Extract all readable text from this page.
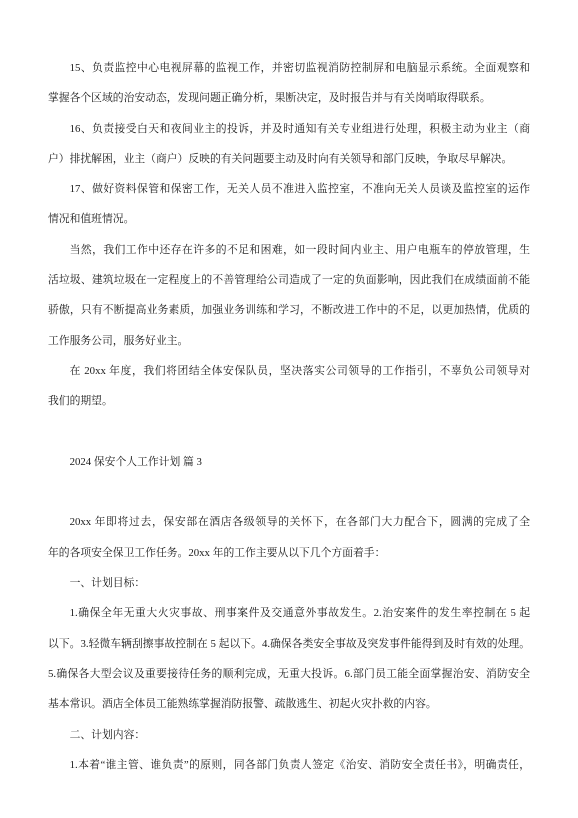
15、负责监控中心电视屏幕的监视工作，并密切监视消防控制屏和电脑显示系统。全面观察和
掌握各个区域的治安动态，发现问题正确分析，果断决定，及时报告并与有关岗哨取得联系。
16、负责接受白天和夜间业主的投诉，并及时通知有关专业组进行处理，积极主动为业主（商
户）排扰解困，业主（商户）反映的有关问题要主动及时向有关领导和部门反映，争取尽早解决。
17、做好资料保管和保密工作，无关人员不准进入监控室，不准向无关人员谈及监控室的运作
情况和值班情况。
当然，我们工作中还存在许多的不足和困难，如一段时间内业主、用户电瓶车的停放管理，生
活垃圾、建筑垃圾在一定程度上的不善管理给公司造成了一定的负面影响，因此我们在成绩面前不能
骄傲，只有不断提高业务素质，加强业务训练和学习，不断改进工作中的不足，以更加热情，优质的
工作服务公司，服务好业主。
在 20xx 年度，我们将团结全体安保队员，坚决落实公司领导的工作指引，不辜负公司领导对
我们的期望。
2024 保安个人工作计划 篇 3
20xx 年即将过去，保安部在酒店各级领导的关怀下，在各部门大力配合下，圆满的完成了全
年的各项安全保卫工作任务。20xx 年的工作主要从以下几个方面着手：
一、计划目标：
1.确保全年无重大火灾事故、刑事案件及交通意外事故发生。2.治安案件的发生率控制在 5 起
以下。3.轻微车辆刮擦事故控制在 5 起以下。4.确保各类安全事故及突发事件能得到及时有效的处理。
5.确保各大型会议及重要接待任务的顺利完成，无重大投诉。6.部门员工能全面掌握治安、消防安全
基本常识。酒店全体员工能熟练掌握消防报警、疏散逃生、初起火灾扑救的内容。
二、计划内容：
1.本着“谁主管、谁负责”的原则，同各部门负责人签定《治安、消防安全责任书》，明确责任，
